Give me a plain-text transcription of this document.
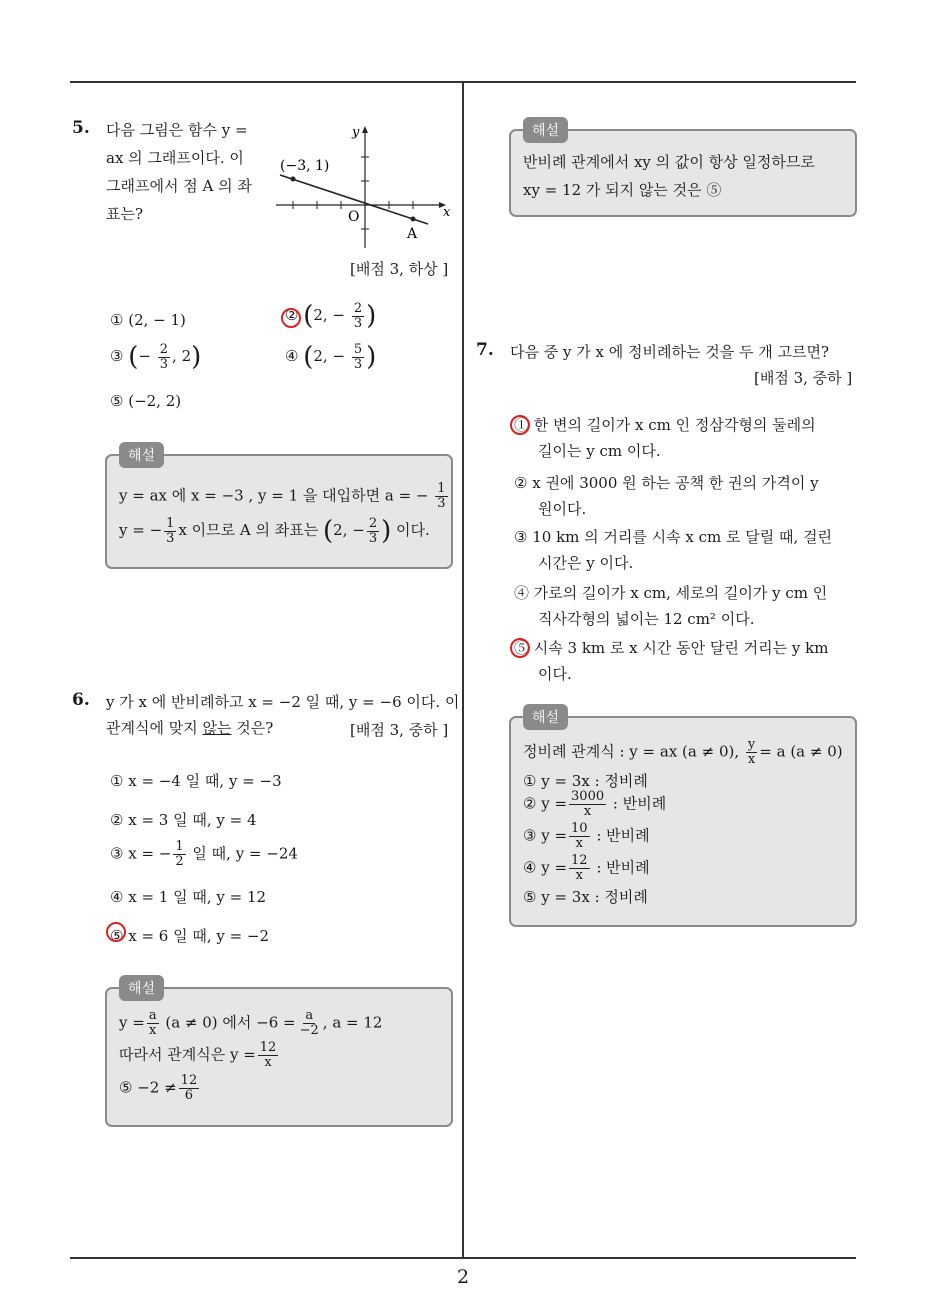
5. 다음 그림은 함수 y =
ax 의 그래프이다. 이
그래프에서 점 A 의 좌
표는?
(−3, 1)
O
A
x
y
[배점 3, 하상 ]
① (2, − 1)	② (2, − $\frac{2}{3}$ )
③ (− $\frac{2}{3}$ , 2)	④ (2, − $\frac{5}{3}$ )
⑤ (−2, 2)
해설
y = ax 에 x = −3 , y = 1 을 대입하면 a = − $\frac{1}{3}$
y = − $\frac{1}{3}$ x 이므로 A 의 좌표는 (2, − $\frac{2}{3}$ ) 이다.
6. y 가 x 에 반비례하고 x = −2 일 때, y = −6 이다. 이
관계식에 맞지 않는 것은?	[배점 3, 중하 ]
① x = −4 일 때, y = −3
② x = 3 일 때, y = 4
③ x = − $\frac{1}{2}$ 일 때, y = −24
④ x = 1 일 때, y = 12
⑤ x = 6 일 때, y = −2
해설
$y = \frac{a}{x} (a \ne 0)$ 에서 $-6 = \frac{a}{-2}$ , a = 12
따라서 관계식은 $y = \frac{12}{x}$
⑤ $-2 \ne \frac{12}{6}$
해설
반비례 관계에서 xy 의 값이 항상 일정하므로
xy = 12 가 되지 않는 것은 ⑤
7. 다음 중 y 가 x 에 정비례하는 것을 두 개 고르면?
[배점 3, 중하 ]
① 한 변의 길이가 x cm 인 정삼각형의 둘레의
길이는 y cm 이다.
② x 권에 3000 원 하는 공책 한 권의 가격이 y
원이다.
③ 10 km 의 거리를 시속 x cm 로 달릴 때, 걸린
시간은 y 이다.
④ 가로의 길이가 x cm, 세로의 길이가 y cm 인
직사각형의 넓이는 12 cm² 이다.
⑤ 시속 3 km 로 x 시간 동안 달린 거리는 y km
이다.
해설
정비례 관계식 : y = ax (a ≠ 0), $\frac{y}{x} = a$ (a ≠ 0)
① y = 3x : 정비례
② $y = \frac{3000}{x}$ : 반비례
③ $y = \frac{10}{x}$ : 반비례
④ $y = \frac{12}{x}$ : 반비례
⑤ y = 3x : 정비례
2
